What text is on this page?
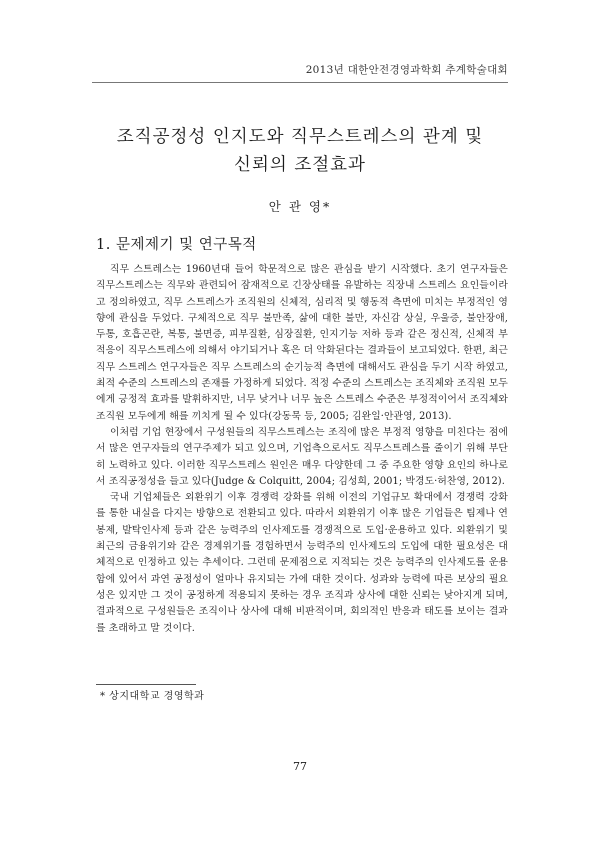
2013년 대한안전경영과학회 추계학술대회
조직공정성 인지도와 직무스트레스의 관계 및
신뢰의 조절효과
안 관 영*
1. 문제제기 및 연구목적

직무 스트레스는 1960년대 들어 학문적으로 많은 관심을 받기 시작했다. 초기 연구자들은 직무스트레스는 직무와 관련되어 잠재적으로 긴장상태를 유발하는 직장내 스트레스 요인들이라고 정의하였고, 직무 스트레스가 조직원의 신체적, 심리적 및 행동적 측면에 미치는 부정적인 영향에 관심을 두었다. 구체적으로 직무 불만족, 삶에 대한 불만, 자신감 상실, 우울증, 불안장애, 두통, 호흡곤란, 복통, 불면증, 피부질환, 심장질환, 인지기능 저하 등과 같은 정신적, 신체적 부적응이 직무스트레스에 의해서 야기되거나 혹은 더 악화된다는 결과들이 보고되었다. 한편, 최근 직무 스트레스 연구자들은 직무 스트레스의 순기능적 측면에 대해서도 관심을 두기 시작 하였고, 최적 수준의 스트레스의 존재를 가정하게 되었다. 적정 수준의 스트레스는 조직체와 조직원 모두에게 긍정적 효과를 발휘하지만, 너무 낮거나 너무 높은 스트레스 수준은 부정적이어서 조직체와 조직원 모두에게 해를 끼치게 될 수 있다(강동묵 등, 2005; 김완일·안관영, 2013).

이처럼 기업 현장에서 구성원들의 직무스트레스는 조직에 많은 부정적 영향을 미친다는 점에서 많은 연구자들의 연구주제가 되고 있으며, 기업측으로서도 직무스트레스를 줄이기 위해 부단히 노력하고 있다. 이러한 직무스트레스 원인은 매우 다양한데 그 중 주요한 영향 요인의 하나로서 조직공정성을 들고 있다(Judge & Colquitt, 2004; 김성희, 2001; 박경도·허찬영, 2012).

국내 기업체들은 외환위기 이후 경쟁력 강화를 위해 이전의 기업규모 확대에서 경쟁력 강화를 통한 내실을 다지는 방향으로 전환되고 있다. 따라서 외환위기 이후 많은 기업들은 팀제나 연봉제, 발탁인사제 등과 같은 능력주의 인사제도를 경쟁적으로 도입·운용하고 있다. 외환위기 및 최근의 금융위기와 같은 경제위기를 경험하면서 능력주의 인사제도의 도입에 대한 필요성은 대체적으로 인정하고 있는 추세이다. 그런데 문제점으로 지적되는 것은 능력주의 인사제도를 운용함에 있어서 과연 공정성이 얼마나 유지되는 가에 대한 것이다. 성과와 능력에 따른 보상의 필요성은 있지만 그 것이 공정하게 적용되지 못하는 경우 조직과 상사에 대한 신뢰는 낮아지게 되며, 결과적으로 구성원들은 조직이나 상사에 대해 비판적이며, 회의적인 반응과 태도를 보이는 결과를 초래하고 말 것이다.

* 상지대학교 경영학과
77
